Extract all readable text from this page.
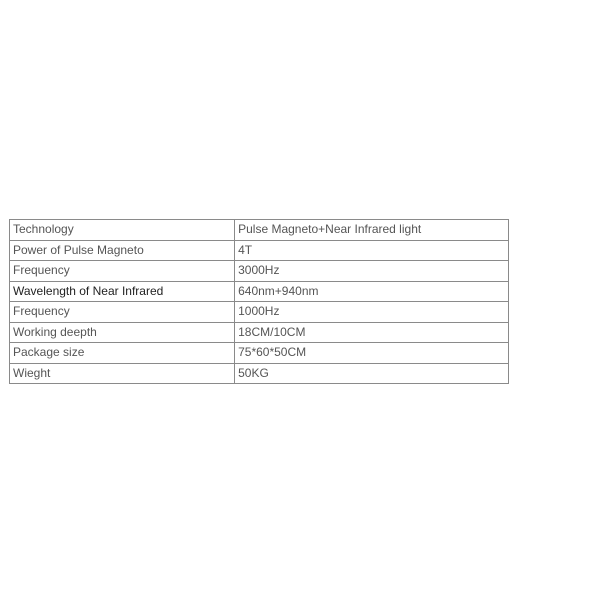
Technology	Pulse Magneto+Near Infrared light
Power of Pulse Magneto	4T
Frequency	3000Hz
Wavelength of Near Infrared	640nm+940nm
Frequency	1000Hz
Working deepth	18CM/10CM
Package size	75*60*50CM
Wieght	50KG
